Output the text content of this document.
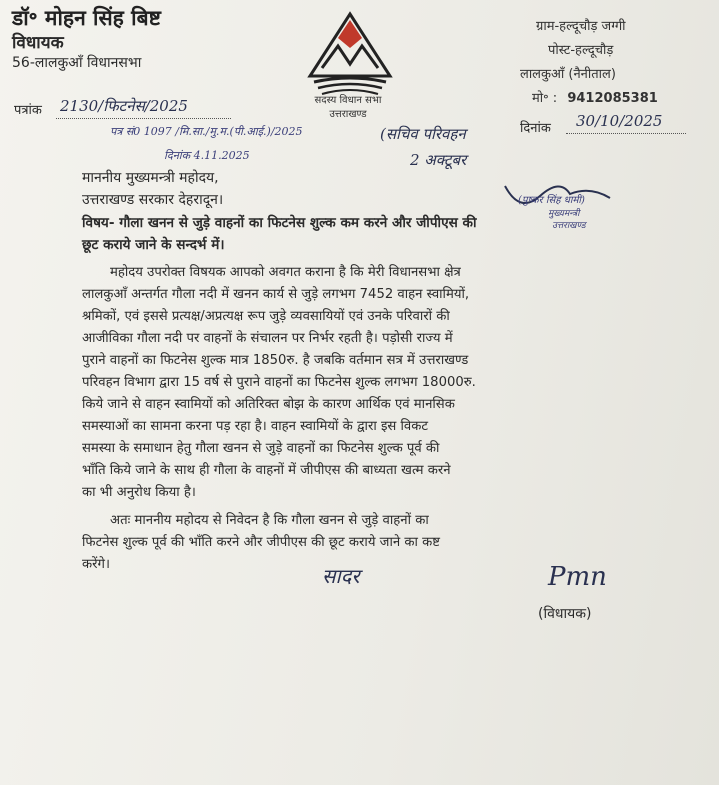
डॉ॰ मोहन सिंह बिष्ट
विधायक
56-लालकुआँ विधानसभा
सदस्य विधान सभा
उत्तराखण्ड
ग्राम-हल्दूचौड़ जग्गी
पोस्ट-हल्दूचौड़
लालकुआँ (नैनीताल)
मो॰ : 9412085381
पत्रांक 2130/फिटनेस/2025
दिनांक 30/10/2025
पत्र सं0 1097 /मि.सा./मु.म.(पी.आई.)/2025
दिनांक 4.11.2025
(सचिव परिवहन
2 अक्टूबर
माननीय मुख्यमन्त्री महोदय,
उत्तराखण्ड सरकार देहरादून।	(पुष्कर सिंह धामी)
मुख्यमन्त्री
उत्तराखण्ड
विषय- गौला खनन से जुड़े वाहनों का फिटनेस शुल्क कम करने और जीपीएस की
छूट कराये जाने के सन्दर्भ में।
महोदय उपरोक्त विषयक आपको अवगत कराना है कि मेरी विधानसभा क्षेत्र
लालकुआँ अन्तर्गत गौला नदी में खनन कार्य से जुड़े लगभग 7452 वाहन स्वामियों,
श्रमिकों, एवं इससे प्रत्यक्ष/अप्रत्यक्ष रूप जुड़े व्यवसायियों एवं उनके परिवारों की
आजीविका गौला नदी पर वाहनों के संचालन पर निर्भर रहती है। पड़ोसी राज्य में
पुराने वाहनों का फिटनेस शुल्क मात्र 1850रु. है जबकि वर्तमान सत्र में उत्तराखण्ड
परिवहन विभाग द्वारा 15 वर्ष से पुराने वाहनों का फिटनेस शुल्क लगभग 18000रु.
किये जाने से वाहन स्वामियों को अतिरिक्त बोझ के कारण आर्थिक एवं मानसिक
समस्याओं का सामना करना पड़ रहा है। वाहन स्वामियों के द्वारा इस विकट
समस्या के समाधान हेतु गौला खनन से जुड़े वाहनों का फिटनेस शुल्क पूर्व की
भाँति किये जाने के साथ ही गौला के वाहनों में जीपीएस की बाध्यता खत्म करने
का भी अनुरोध किया है।
अतः माननीय महोदय से निवेदन है कि गौला खनन से जुड़े वाहनों का
फिटनेस शुल्क पूर्व की भाँति करने और जीपीएस की छूट कराये जाने का कष्ट
करेंगे।	सादर	Pmn
(विधायक)
